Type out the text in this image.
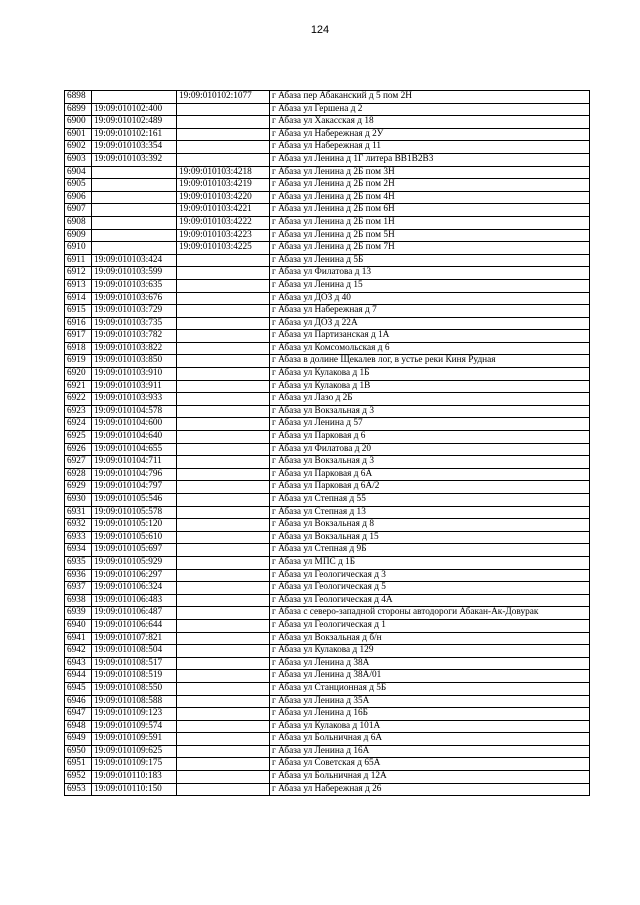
124
6898		19:09:010102:1077	г Абаза пер Абаканский д 5 пом 2Н
6899	19:09:010102:400		г Абаза ул Гершена д 2
6900	19:09:010102:489		г Абаза ул Хакасская д 18
6901	19:09:010102:161		г Абаза ул Набережная д 2У
6902	19:09:010103:354		г Абаза ул Набережная д 11
6903	19:09:010103:392		г Абаза ул Ленина д 1Г литера ВВ1В2В3
6904		19:09:010103:4218	г Абаза ул Ленина д 2Б пом 3Н
6905		19:09:010103:4219	г Абаза ул Ленина д 2Б пом 2Н
6906		19:09:010103:4220	г Абаза ул Ленина д 2Б пом 4Н
6907		19:09:010103:4221	г Абаза ул Ленина д 2Б пом 6Н
6908		19:09:010103:4222	г Абаза ул Ленина д 2Б пом 1Н
6909		19:09:010103:4223	г Абаза ул Ленина д 2Б пом 5Н
6910		19:09:010103:4225	г Абаза ул Ленина д 2Б пом 7Н
6911	19:09:010103:424		г Абаза ул Ленина д 5Б
6912	19:09:010103:599		г Абаза ул Филатова д 13
6913	19:09:010103:635		г Абаза ул Ленина д 15
6914	19:09:010103:676		г Абаза ул ДОЗ д 40
6915	19:09:010103:729		г Абаза ул Набережная д 7
6916	19:09:010103:735		г Абаза ул ДОЗ д 22А
6917	19:09:010103:782		г Абаза ул Партизанская д 1А
6918	19:09:010103:822		г Абаза ул Комсомольская д 6
6919	19:09:010103:850		г Абаза в долине Щекалев лог, в устье реки Киня Рудная
6920	19:09:010103:910		г Абаза ул Кулакова д 1Б
6921	19:09:010103:911		г Абаза ул Кулакова д 1В
6922	19:09:010103:933		г Абаза ул Лазо д 2Б
6923	19:09:010104:578		г Абаза ул Вокзальная д 3
6924	19:09:010104:600		г Абаза ул Ленина д 57
6925	19:09:010104:640		г Абаза ул Парковая д 6
6926	19:09:010104:655		г Абаза ул Филатова д 20
6927	19:09:010104:711		г Абаза ул Вокзальная д 3
6928	19:09:010104:796		г Абаза ул Парковая д 6А
6929	19:09:010104:797		г Абаза ул Парковая д 6А/2
6930	19:09:010105:546		г Абаза ул Степная д 55
6931	19:09:010105:578		г Абаза ул Степная д 13
6932	19:09:010105:120		г Абаза ул Вокзальная д 8
6933	19:09:010105:610		г Абаза ул Вокзальная д 15
6934	19:09:010105:697		г Абаза ул Степная д 9Б
6935	19:09:010105:929		г Абаза ул МПС д 1Б
6936	19:09:010106:297		г Абаза ул Геологическая д 3
6937	19:09:010106:324		г Абаза ул Геологическая д 5
6938	19:09:010106:483		г Абаза ул Геологическая д 4А
6939	19:09:010106:487		г Абаза с северо-западной стороны автодороги Абакан-Ак-Довурак
6940	19:09:010106:644		г Абаза ул Геологическая д 1
6941	19:09:010107:821		г Абаза ул Вокзальная д б/н
6942	19:09:010108:504		г Абаза ул Кулакова д 129
6943	19:09:010108:517		г Абаза ул Ленина д 38А
6944	19:09:010108:519		г Абаза ул Ленина д 38А/01
6945	19:09:010108:550		г Абаза ул Станционная д 5Б
6946	19:09:010108:588		г Абаза ул Ленина д 35А
6947	19:09:010109:123		г Абаза ул Ленина д 16Б
6948	19:09:010109:574		г Абаза ул Кулакова д 101А
6949	19:09:010109:591		г Абаза ул Больничная д 6А
6950	19:09:010109:625		г Абаза ул Ленина д 16А
6951	19:09:010109:175		г Абаза ул Советская д 65А
6952	19:09:010110:183		г Абаза ул Больничная д 12А
6953	19:09:010110:150		г Абаза ул Набережная д 26
